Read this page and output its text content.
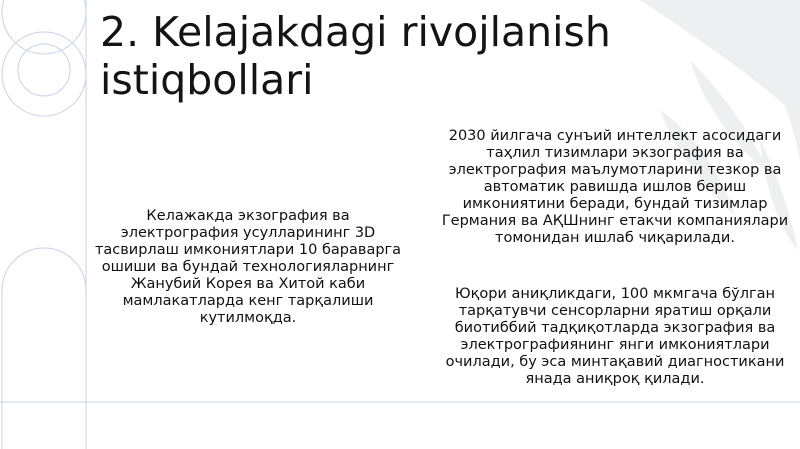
2. Kelajakdagi rivojlanish
istiqbollari

Келажакда экзография ва
электрография усулларининг 3D
тасвирлаш имкониятлари 10 бараварга
ошиши ва бундай технологияларнинг
Жанубий Корея ва Хитой каби
мамлакатларда кенг тарқалиши
кутилмоқда.

2030 йилгача сунъий интеллект асосидаги
таҳлил тизимлари экзография ва
электрография маълумотларини тезкор ва
автоматик равишда ишлов бериш
имкониятини беради, бундай тизимлар
Германия ва АҚШнинг етакчи компаниялари
томонидан ишлаб чиқарилади.

Юқори аниқликдаги, 100 мкмгача бўлган
тарқатувчи сенсорларни яратиш орқали
биотиббий тадқиқотларда экзография ва
электрографиянинг янги имкониятлари
очилади, бу эса минтақавий диагностикани
янада аниқроқ қилади.
